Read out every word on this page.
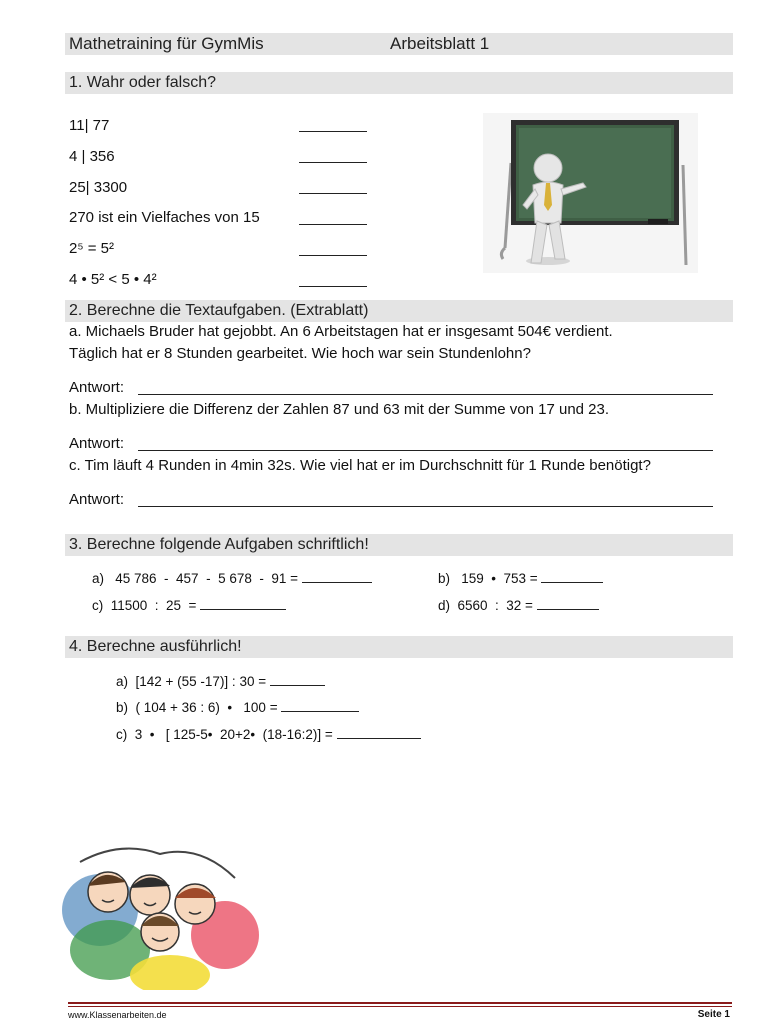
Mathetraining für GymMis	Arbeitsblatt 1
1. Wahr oder falsch?
11| 77
4 | 356
25| 3300
270 ist ein Vielfaches von 15
2⁵ = 5²
4 • 5² < 5 • 4²
2. Berechne die Textaufgaben. (Extrablatt)
a. Michaels Bruder hat gejobbt. An 6 Arbeitstagen hat er insgesamt 504€ verdient.
Täglich hat er 8 Stunden gearbeitet. Wie hoch war sein Stundenlohn?
Antwort:
b. Multipliziere die Differenz der Zahlen 87 und 63 mit der Summe von 17 und 23.
Antwort:
c. Tim läuft 4 Runden in 4min 32s. Wie viel hat er im Durchschnitt für 1 Runde benötigt?
Antwort:
3. Berechne folgende Aufgaben schriftlich!
a)   45 786  -  457  -  5 678  -  91 =	b)   159  •  753 =
c)  11500  :  25  =	d)  6560  :  32 =
4. Berechne ausführlich!
a)  [142 + (55 -17)] : 30 =
b)  ( 104 + 36 : 6)  •   100 =
c)  3  •   [ 125-5•  20+2•  (18-16:2)] =
www.Klassenarbeiten.de	Seite 1
